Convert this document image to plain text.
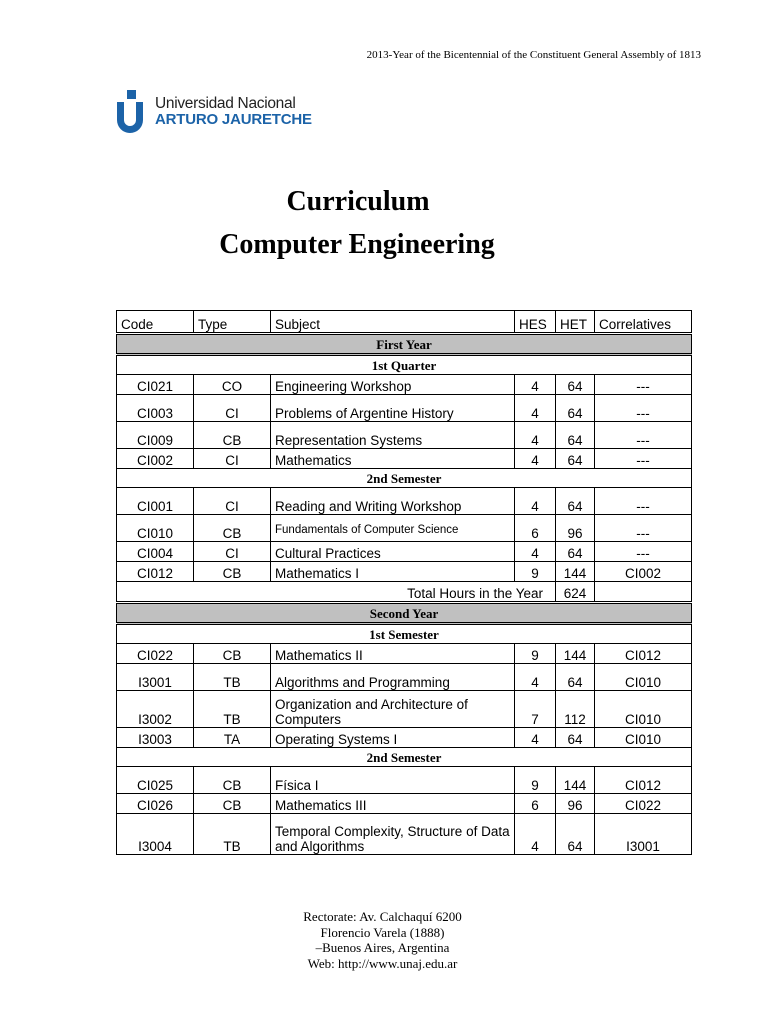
2013-Year of the Bicentennial of the Constituent General Assembly of 1813
Universidad Nacional
ARTURO JAURETCHE
Curriculum
Computer Engineering
Code	Type	Subject	HES	HET	Correlatives
First Year					
1st Quarter					
CI021	CO	Engineering Workshop	4	64	---
CI003	CI	Problems of Argentine History	4	64	---
CI009	CB	Representation Systems	4	64	---
CI002	CI	Mathematics	4	64	---
2nd Semester					
CI001	CI	Reading and Writing Workshop	4	64	---
CI010	CB	Fundamentals of Computer Science	6	96	---
CI004	CI	Cultural Practices	4	64	---
CI012	CB	Mathematics I	9	144	CI002
Total Hours in the Year				624	
Second Year					
1st Semester					
CI022	CB	Mathematics II	9	144	CI012
I3001	TB	Algorithms and Programming	4	64	CI010
I3002	TB	Organization and Architecture of Computers	7	112	CI010
I3003	TA	Operating Systems I	4	64	CI010
2nd Semester					
CI025	CB	Física I	9	144	CI012
CI026	CB	Mathematics III	6	96	CI022
I3004	TB	Temporal Complexity, Structure of Data and Algorithms	4	64	I3001
Rectorate: Av. Calchaquí 6200
Florencio Varela (1888)
–Buenos Aires, Argentina
Web: http://www.unaj.edu.ar
